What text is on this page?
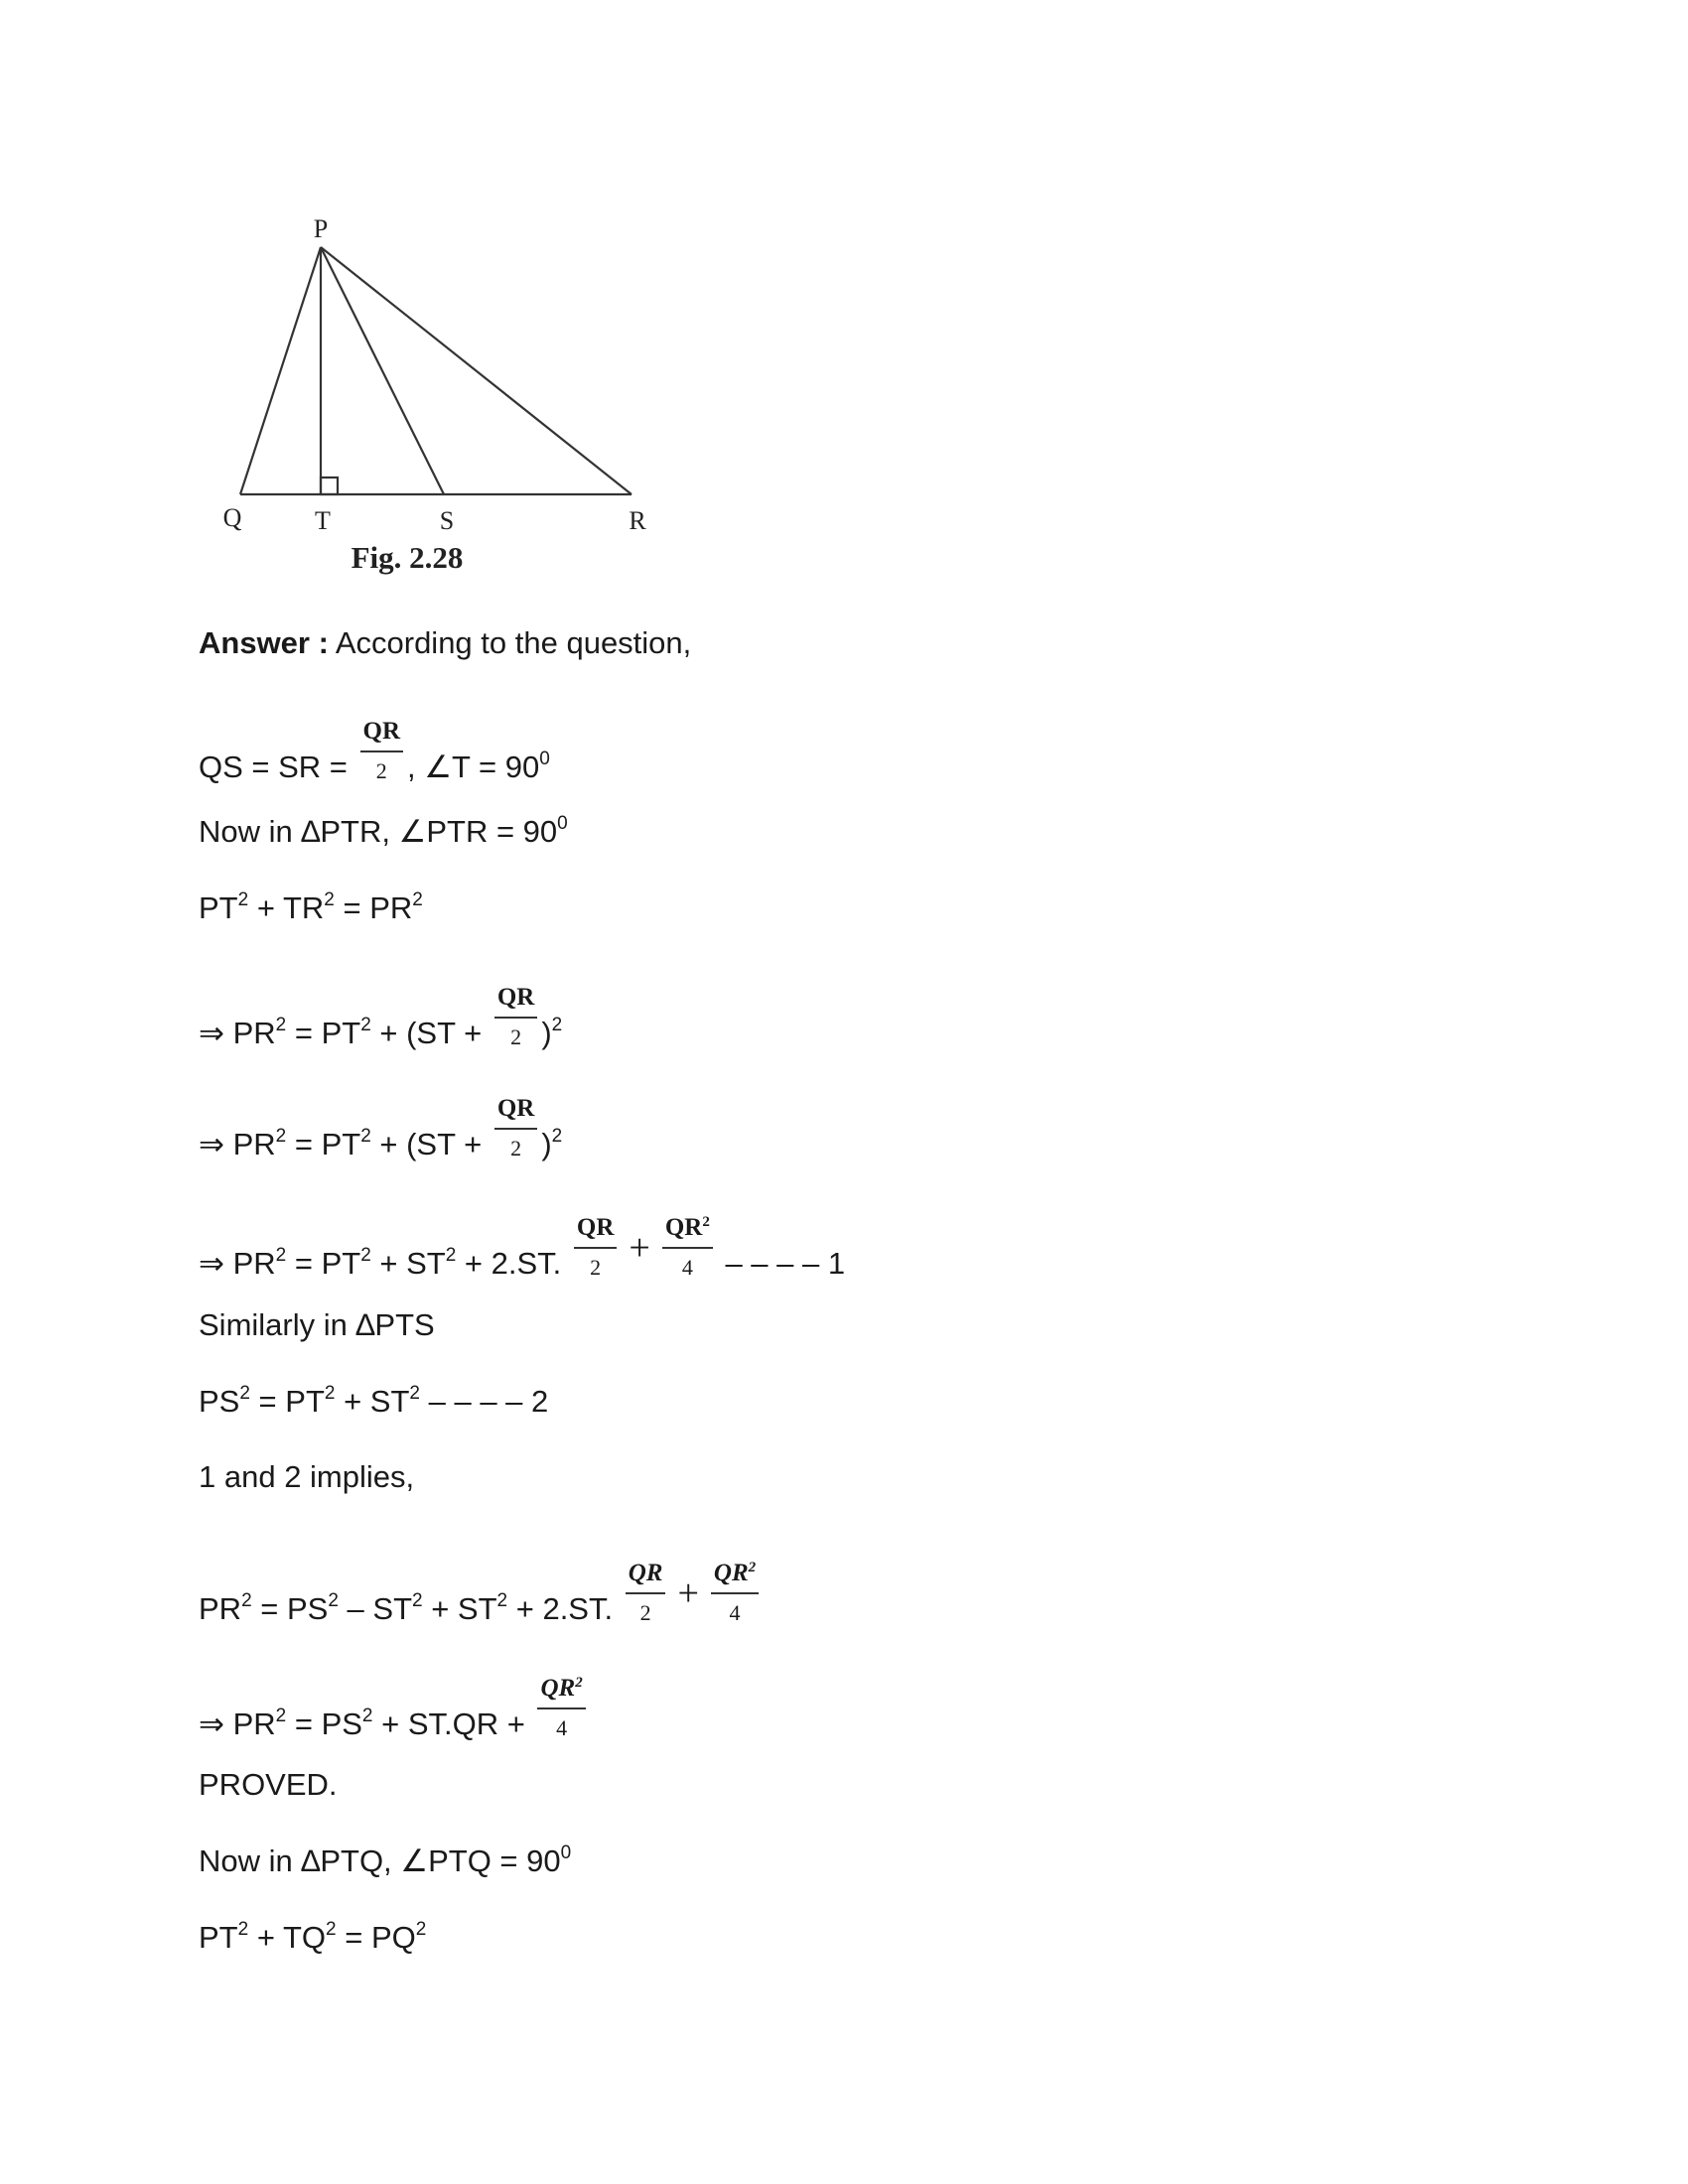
P
Q	T	S	R
Fig. 2.28
Answer : According to the question,
QS = SR = $\frac{QR}{2}$ , ∠T = $90^0$
Now in ∆PTR, ∠PTR = $90^0$
$PT^2 + TR^2 = PR^2$
⇒ $PR^2 = PT^2 + (ST + \frac{QR}{2} )^2$
⇒ $PR^2 = PT^2 + (ST + \frac{QR}{2} )^2$
⇒ $PR^2 = PT^2 + ST^2 + 2.ST$. $\frac{QR}{2} + \frac{QR^2}{4}$ – – – – 1
Similarly in ∆PTS
$PS^2 = PT^2 + ST^2$ – – – – 2
1 and 2 implies,
$PR^2 = PS^2 - ST^2 + ST^2 + 2.ST$. $\frac{QR}{2} + \frac{QR^2}{4}$
⇒ $PR^2 = PS^2 + ST.QR + \frac{QR^2}{4}$
PROVED.
Now in ∆PTQ, ∠PTQ = $90^0$
$PT^2 + TQ^2 = PQ^2$
